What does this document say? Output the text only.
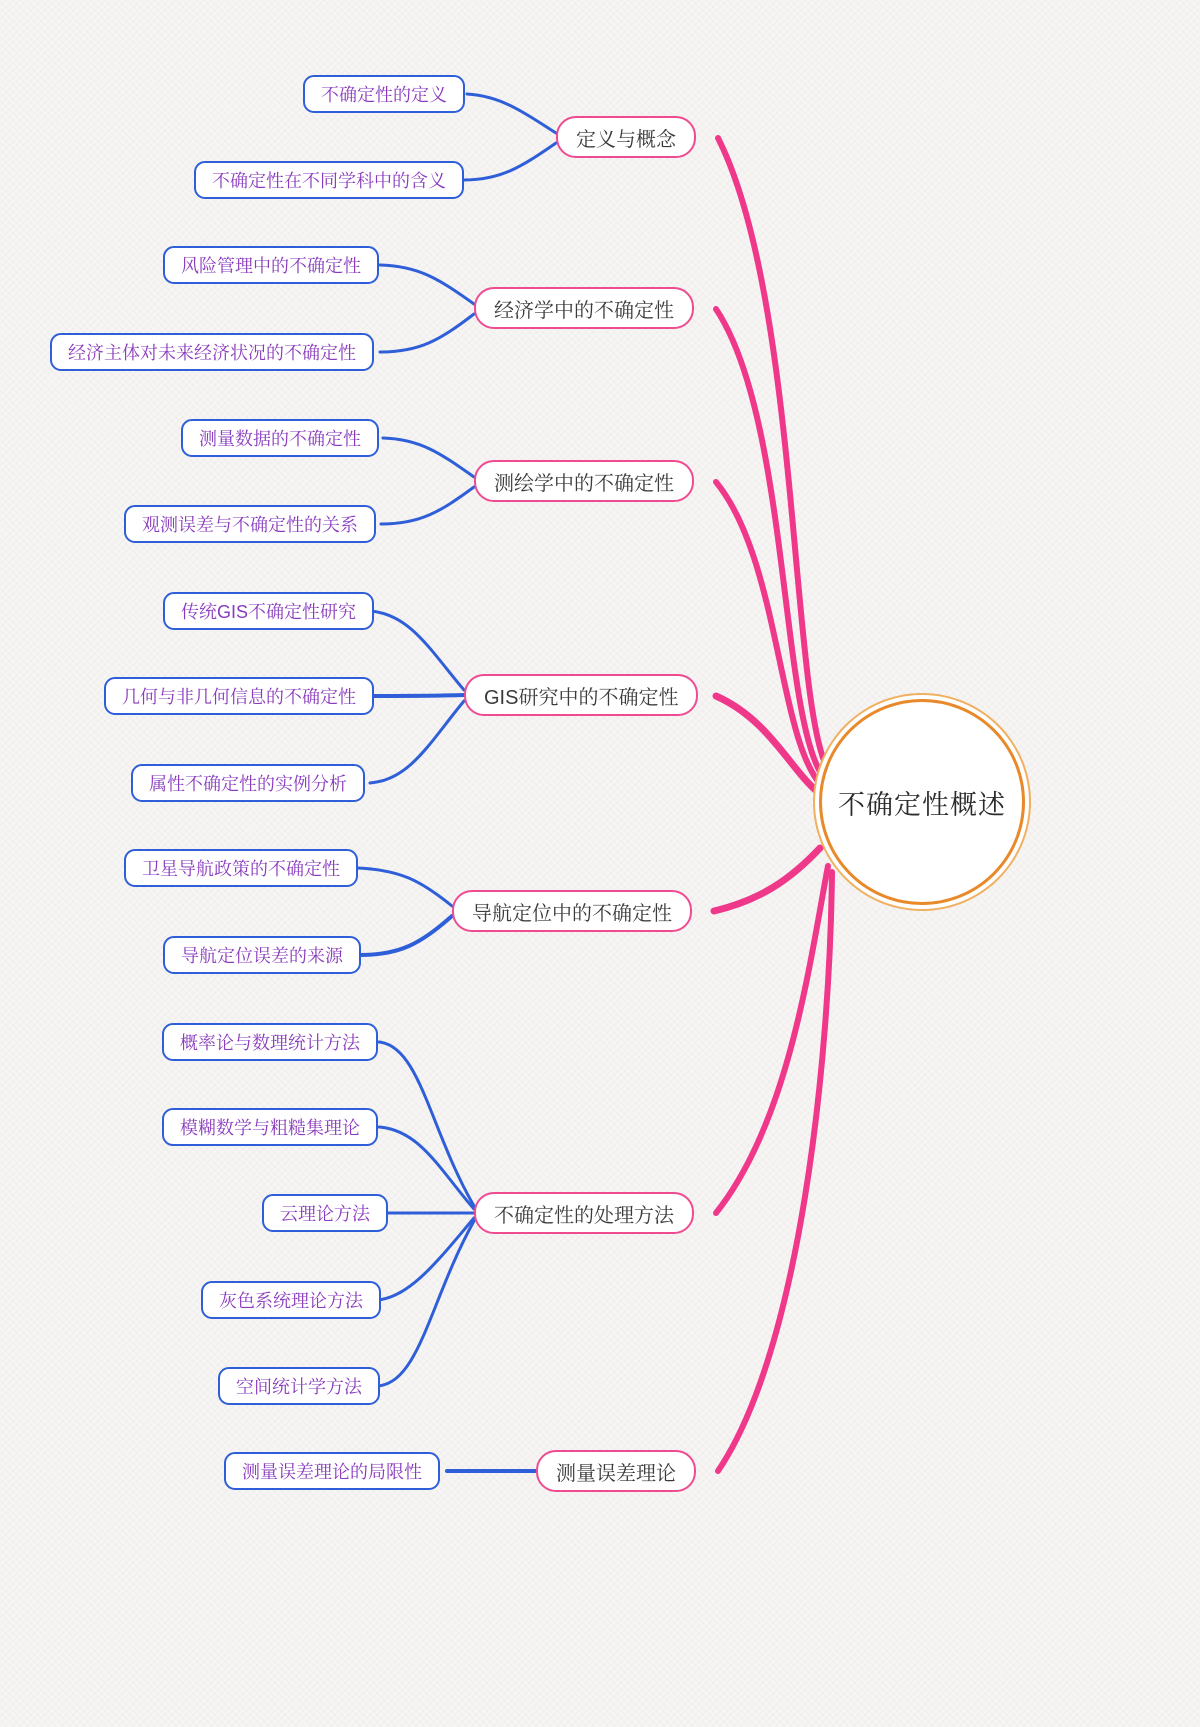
不确定性概述
定义与概念
不确定性的定义
不确定性在不同学科中的含义
经济学中的不确定性
风险管理中的不确定性
经济主体对未来经济状况的不确定性
测绘学中的不确定性
测量数据的不确定性
观测误差与不确定性的关系
GIS研究中的不确定性
传统GIS不确定性研究
几何与非几何信息的不确定性
属性不确定性的实例分析
导航定位中的不确定性
卫星导航政策的不确定性
导航定位误差的来源
不确定性的处理方法
概率论与数理统计方法
模糊数学与粗糙集理论
云理论方法
灰色系统理论方法
空间统计学方法
测量误差理论
测量误差理论的局限性
